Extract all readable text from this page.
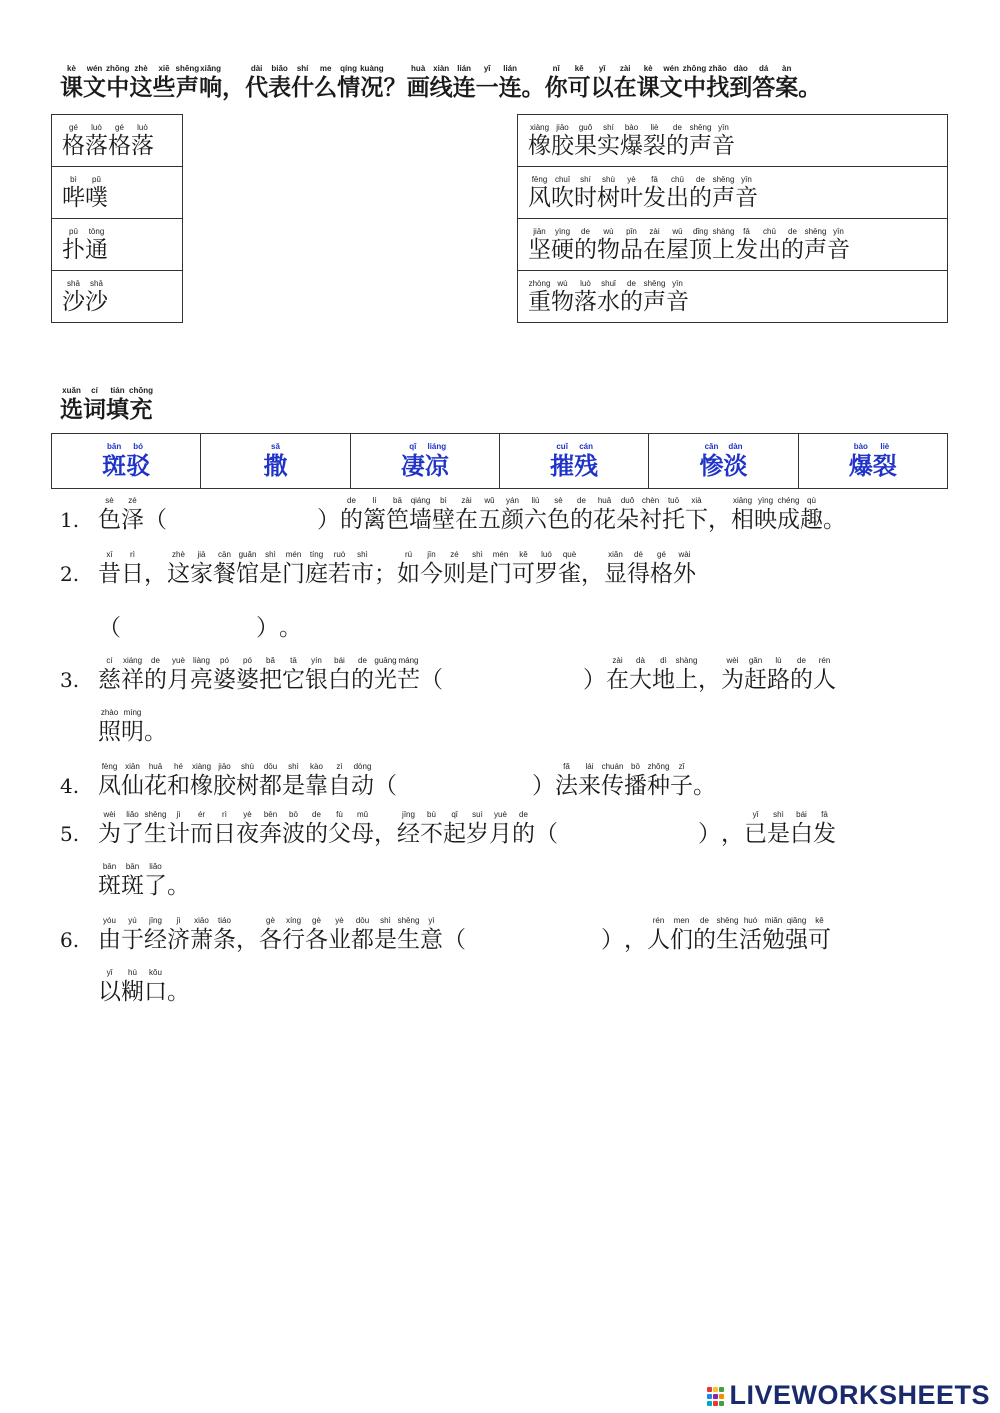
kè
课
wén
文
zhōng
中
zhè
这
xiē
些
shēng
声
xiǎng
响 ，
dài
代
biǎo
表
shí
什
me
么
qíng
情
kuàng
况 ？
huà
画
xiàn
线
lián
连
yī
一
lián
连 。
nǐ
你
kě
可
yǐ
以
zài
在
kè
课
wén
文
zhōng
中
zhǎo
找
dào
到
dá
答
àn
案 。
gé
格
luò
落
gé
格
luò
落

bì
哔
pǔ
噗

pū
扑
tōng
通

shā
沙
shā
沙
xiàng
橡
jiāo
胶
guǒ
果
shí
实
bào
爆
liè
裂
de
的
shēng
声
yīn
音

fēng
风
chuī
吹
shí
时
shù
树
yè
叶
fā
发
chū
出
de
的
shēng
声
yīn
音

jiān
坚
yìng
硬
de
的
wù
物
pǐn
品
zài
在
wū
屋
dǐng
顶
shàng
上
fā
发
chū
出
de
的
shēng
声
yīn
音

zhòng
重
wù
物
luò
落
shuǐ
水
de
的
shēng
声
yīn
音
xuǎn
选
cí
词
tián
填
chōng
充
bān
斑
bó
驳

sǎ
撒

qī
凄
liáng
凉

cuī
摧
cán
残

cǎn
惨
dàn
淡

bào
爆
liè
裂
1.
sè
色
zé
泽 （	）
de
的
lí
篱
bā
笆
qiáng
墙
bì
壁
zài
在
wǔ
五
yán
颜
liù
六
sè
色
de
的
huā
花
duǒ
朵
chèn
衬
tuō
托
xià
下 ，
xiāng
相
yìng
映
chéng
成
qù
趣 。
2.
xī
昔
rì
日 ，
zhè
这
jiā
家
cān
餐
guǎn
馆
shì
是
mén
门
tíng
庭
ruò
若
shì
市 ；
rú
如
jīn
今
zé
则
shì
是
mén
门
kě
可
luó
罗
què
雀 ，
xiǎn
显
dé
得
gé
格
wài
外
（	） 。
3.
cí
慈
xiáng
祥
de
的
yuè
月
liàng
亮
pó
婆
pó
婆
bǎ
把
tā
它
yín
银
bái
白
de
的
guāng
光
máng
芒 （	）
zài
在
dà
大
dì
地
shàng
上 ，
wèi
为
gǎn
赶
lù
路
de
的
rén
人
zhào
照
míng
明 。
4.
fèng
凤
xiān
仙
huā
花
hé
和
xiàng
橡
jiāo
胶
shù
树
dōu
都
shì
是
kào
靠
zì
自
dòng
动 （	）
fǎ
法
lái
来
chuán
传
bō
播
zhǒng
种
zǐ
子 。
5.
wèi
为
liǎo
了
shēng
生
jì
计
ér
而
rì
日
yè
夜
bēn
奔
bō
波
de
的
fù
父
mǔ
母 ，
jīng
经
bù
不
qǐ
起
suì
岁
yuè
月
de
的 （	） ，
yǐ
已
shì
是
bái
白
fā
发
bān
斑
bān
斑
liǎo
了 。
6.
yóu
由
yú
于
jīng
经
jì
济
xiāo
萧
tiáo
条 ，
gè
各
xíng
行
gè
各
yè
业
dōu
都
shì
是
shēng
生
yì
意 （	） ，
rén
人
men
们
de
的
shēng
生
huó
活
miǎn
勉
qiǎng
强
kě
可
yǐ
以
hú
糊
kǒu
口 。
LIVEWORKSHEETS
